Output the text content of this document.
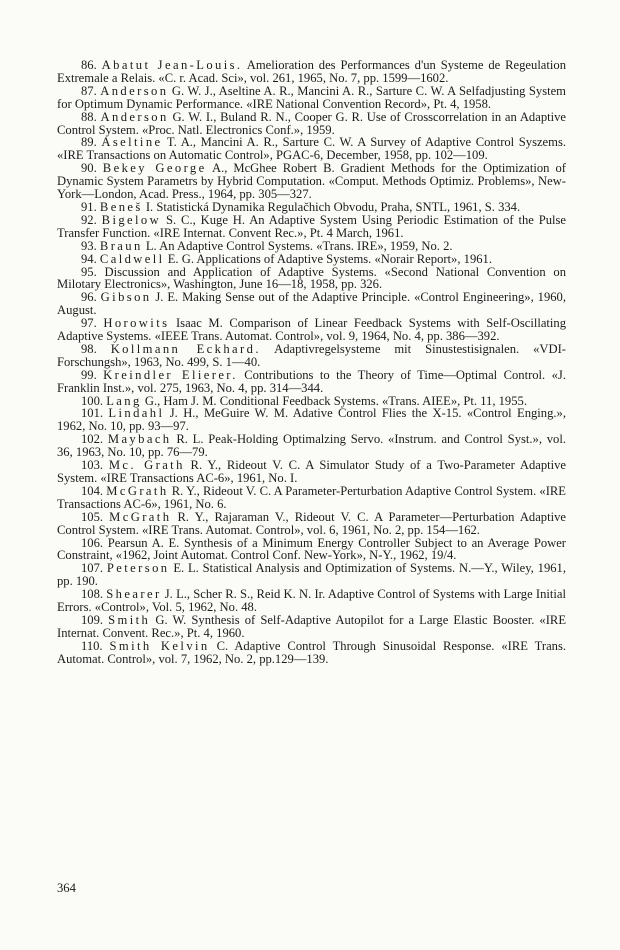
86. Abatut Jean-Louis. Amelioration des Performances d'un Systeme de Regeulation Extremale a Relais. «C. r. Acad. Sci», vol. 261, 1965, No. 7, pp. 1599—1602.

87. Anderson G. W. J., Aseltine A. R., Mancini A. R., Sarture C. W. A Selfadjusting System for Optimum Dynamic Performance. «IRE National Convention Record», Pt. 4, 1958.

88. Anderson G. W. I., Buland R. N., Cooper G. R. Use of Crosscorrelation in an Adaptive Control System. «Proc. Natl. Electronics Conf.», 1959.

89. Aseltine T. A., Mancini A. R., Sarture C. W. A Survey of Adaptive Control Syszems. «IRE Transactions on Automatic Control», PGAC-6, December, 1958, pp. 102—109.

90. Bekey George A., McGhee Robert B. Gradient Methods for the Optimization of Dynamic System Parametrs by Hybrid Computation. «Comput. Methods Optimiz. Problems», New-York—London, Acad. Press., 1964, pp. 305—327.

91. Beneš I. Statistická Dynamika Regulačhich Obvodu, Praha, SNTL, 1961, S. 334.

92. Bigelow S. C., Kuge H. An Adaptive System Using Periodic Estimation of the Pulse Transfer Function. «IRE Internat. Convent Rec.», Pt. 4 March, 1961.

93. Braun L. An Adaptive Control Systems. «Trans. IRE», 1959, No. 2.

94. Caldwell E. G. Applications of Adaptive Systems. «Norair Report», 1961.

95. Discussion and Application of Adaptive Systems. «Second National Convention on Milotary Electronics», Washington, June 16—18, 1958, pp. 326.

96. Gibson J. E. Making Sense out of the Adaptive Principle. «Control Engineering», 1960, August.

97. Horowits Isaac M. Comparison of Linear Feedback Systems with Self-Oscillating Adaptive Systems. «IEEE Trans. Automat. Control», vol. 9, 1964, No. 4, pp. 386—392.

98. Kollmann Eckhard. Adaptivregelsysteme mit Sinustestisignalen. «VDI-Forschungsh», 1963, No. 499, S. 1—40.

99. Kreindler Elierer. Contributions to the Theory of Time—Optimal Control. «J. Franklin Inst.», vol. 275, 1963, No. 4, pp. 314—344.

100. Lang G., Ham J. M. Conditional Feedback Systems. «Trans. AIEE», Pt. 11, 1955.

101. Lindahl J. H., MeGuire W. M. Adative Control Flies the X-15. «Control Enging.», 1962, No. 10, pp. 93—97.

102. Maybach R. L. Peak-Holding Optimalzing Servo. «Instrum. and Control Syst.», vol. 36, 1963, No. 10, pp. 76—79.

103. Mc. Grath R. Y., Rideout V. C. A Simulator Study of a Two-Parameter Adaptive System. «IRE Transactions AC-6», 1961, No. I.

104. McGrath R. Y., Rideout V. C. A Parameter-Perturbation Adaptive Control System. «IRE Transactions AC-6», 1961, No. 6.

105. McGrath R. Y., Rajaraman V., Rideout V. C. A Parameter—Perturbation Adaptive Control System. «IRE Trans. Automat. Control», vol. 6, 1961, No. 2, pp. 154—162.

106. Pearsun A. E. Synthesis of a Minimum Energy Controller Subject to an Average Power Constraint, «1962, Joint Automat. Control Conf. New-York», N-Y., 1962, 19/4.

107. Peterson E. L. Statistical Analysis and Optimization of Systems. N.—Y., Wiley, 1961, pp. 190.

108. Shearer J. L., Scher R. S., Reid K. N. Ir. Adaptive Control of Systems with Large Initial Errors. «Control», Vol. 5, 1962, No. 48.

109. Smith G. W. Synthesis of Self-Adaptive Autopilot for a Large Elastic Booster. «IRE Internat. Convent. Rec.», Pt. 4, 1960.

110. Smith Kelvin C. Adaptive Control Through Sinusoidal Response. «IRE Trans. Automat. Control», vol. 7, 1962, No. 2, pp.129—139.

364
